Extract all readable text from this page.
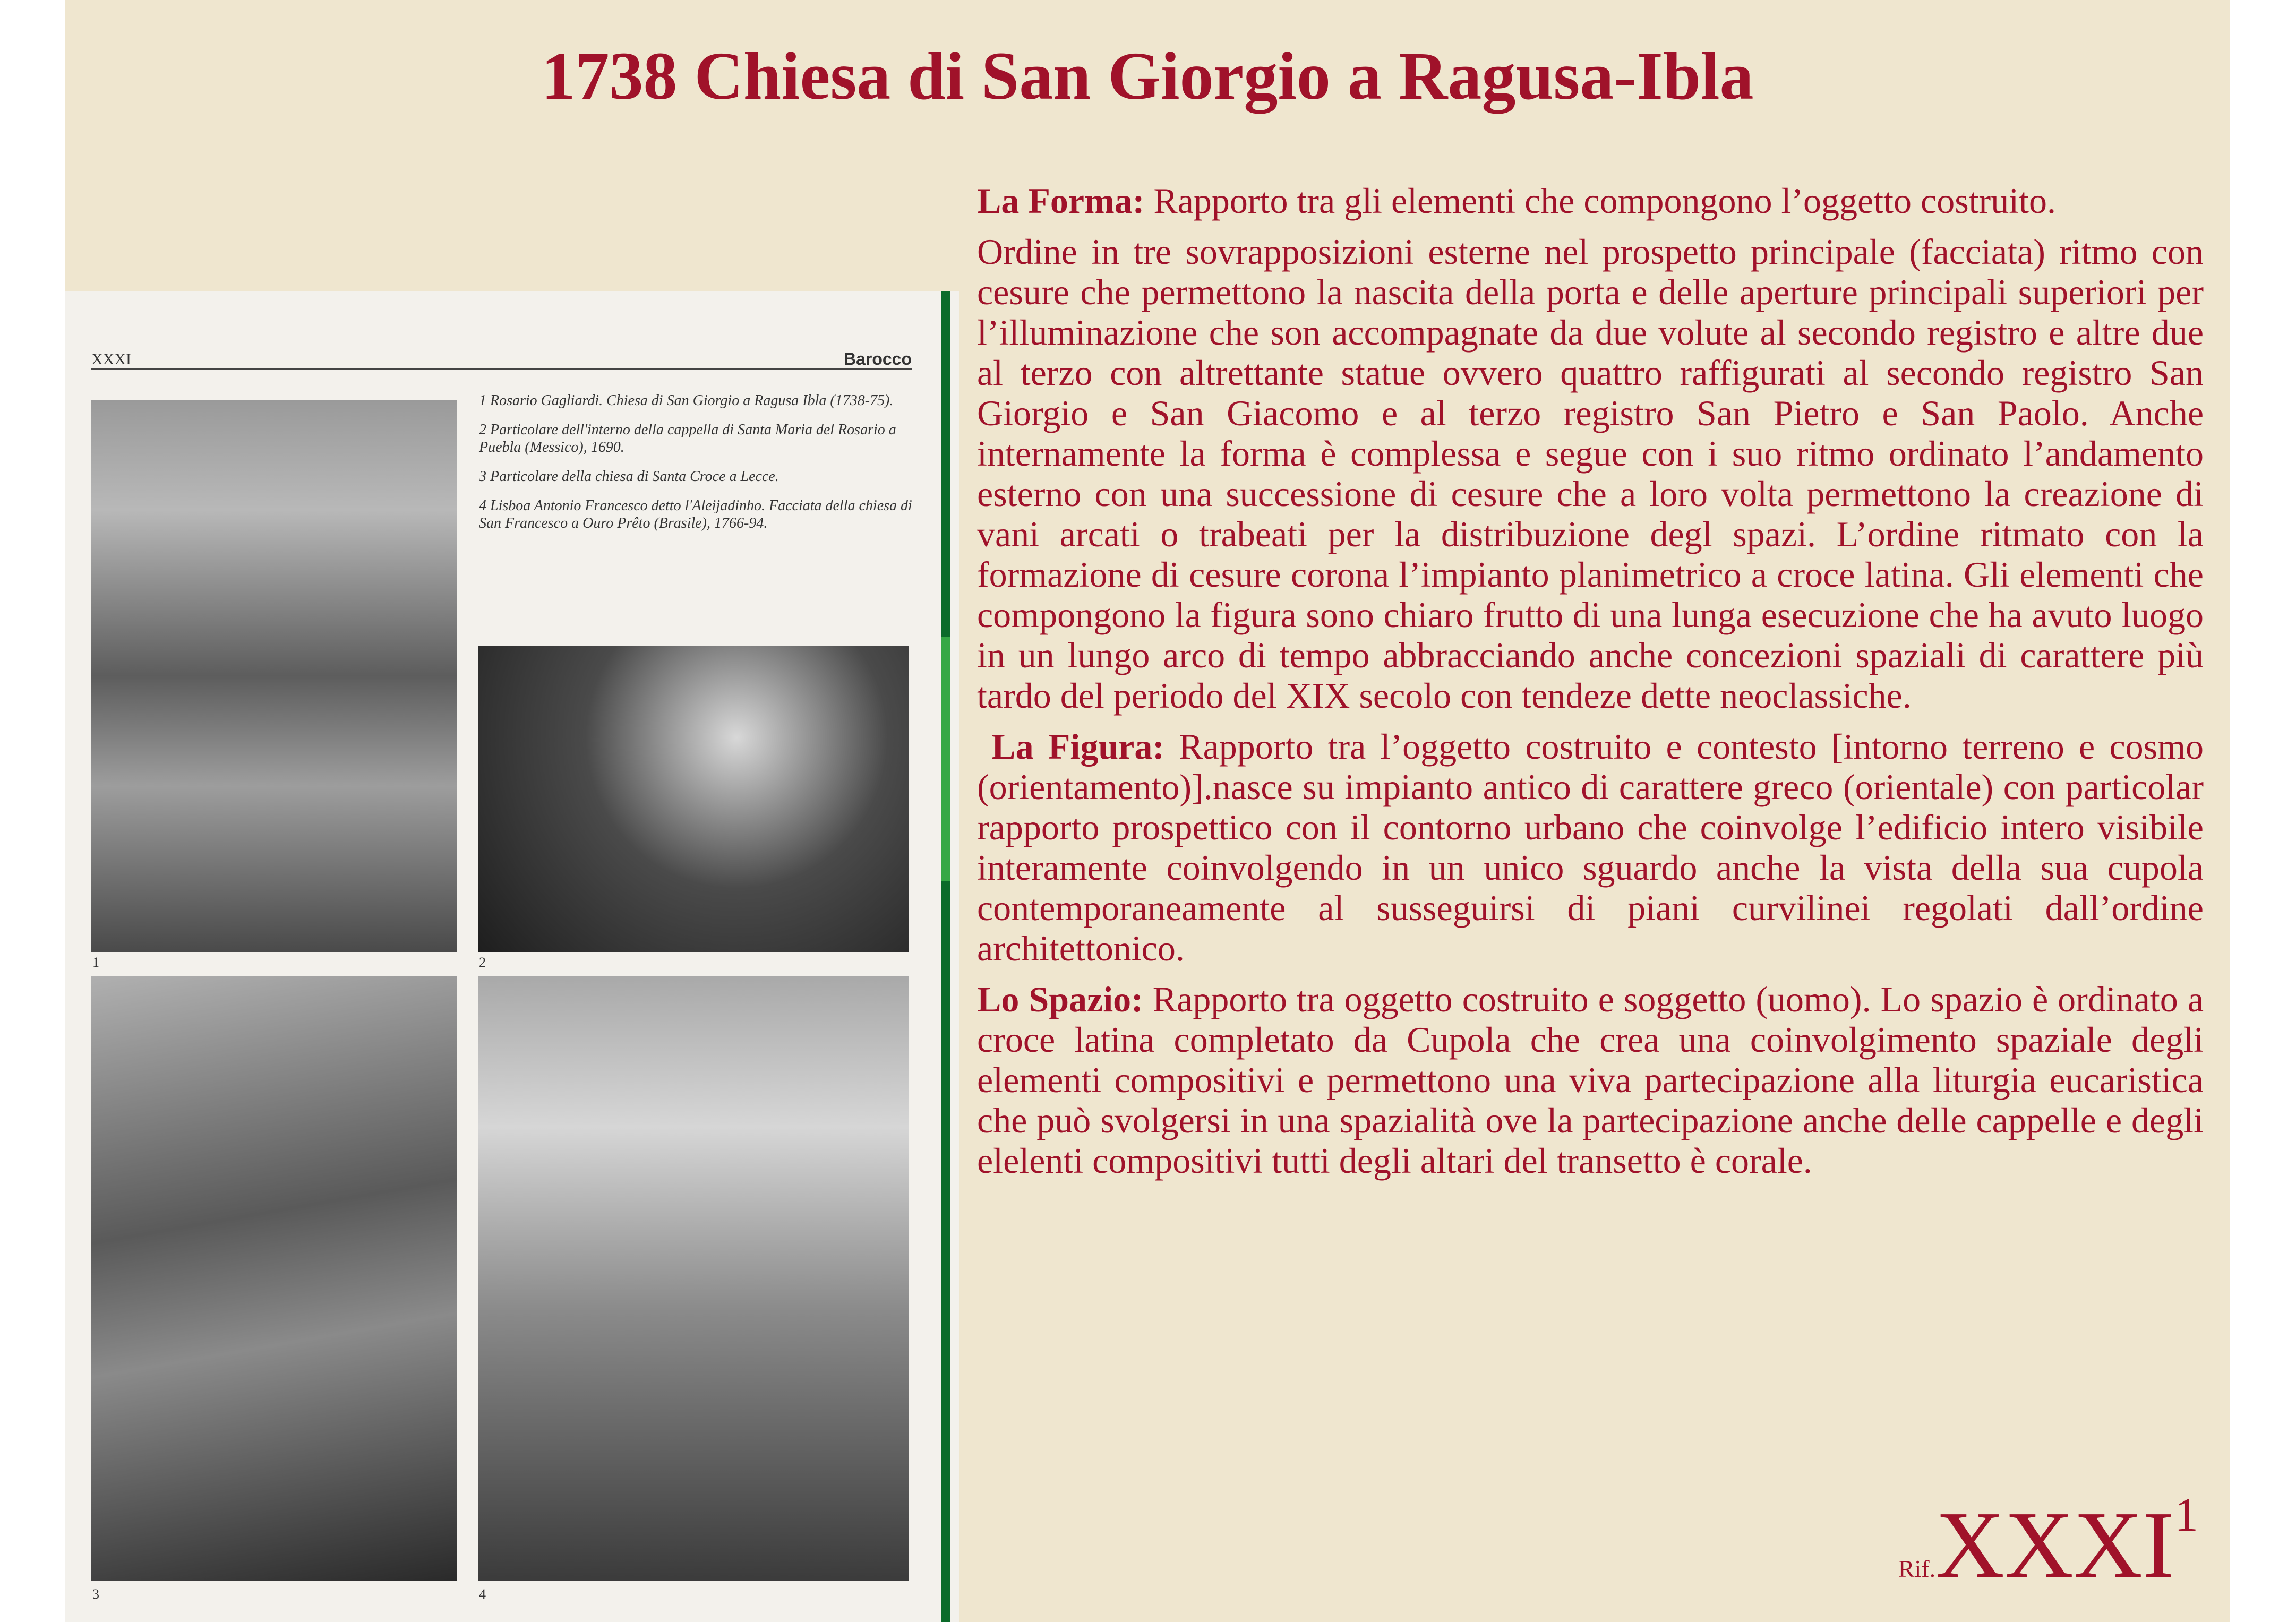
1738 Chiesa di San Giorgio a Ragusa-Ibla
XXXI	Barocco
1	2
3	4

1 Rosario Gagliardi. Chiesa di San Giorgio a Ragusa Ibla (1738-75).

2 Particolare dell'interno della cappella di Santa Maria del Rosario a Puebla (Messico), 1690.

3 Particolare della chiesa di Santa Croce a Lecce.

4 Lisboa Antonio Francesco detto l'Aleijadinho. Facciata della chiesa di San Francesco a Ouro Prêto (Brasile), 1766-94.

La Forma: Rapporto tra gli elementi che compongono l’oggetto costruito.

Ordine in tre sovrapposizioni esterne nel prospetto principale (facciata) ritmo con cesure che permettono la nascita della porta e delle aperture principali superiori per l’illuminazione che son accompagnate da due volute al secondo registro e altre due al terzo con altrettante statue ovvero quattro raffigurati al secondo registro San Giorgio e San Giacomo e al terzo registro San Pietro e San Paolo. Anche internamente la forma è complessa e segue con i suo ritmo ordinato l’andamento esterno con una successione di cesure che a loro volta permettono la creazione di vani arcati o trabeati per la distribuzione degl spazi. L’ordine ritmato con la formazione di cesure corona l’impianto planimetrico a croce latina. Gli elementi che compongono la figura sono chiaro frutto di una lunga esecuzione che ha avuto luogo in un lungo arco di tempo abbracciando anche concezioni spaziali di carattere più tardo del periodo del XIX secolo con tendeze dette neoclassiche.

La Figura: Rapporto tra l’oggetto costruito e contesto [intorno terreno e cosmo (orientamento)].nasce su impianto antico di carattere greco (orientale) con particolar rapporto prospettico con il contorno urbano che coinvolge l’edificio intero visibile interamente coinvolgendo in un unico sguardo anche la vista della sua cupola contemporaneamente al susseguirsi di piani curvilinei regolati dall’ordine architettonico.

Lo Spazio: Rapporto tra oggetto costruito e soggetto (uomo). Lo spazio è ordinato a croce latina completato da Cupola che crea una coinvolgimento spaziale degli elementi compositivi e permettono una viva partecipazione alla liturgia eucaristica che può svolgersi in una spazialità ove la partecipazione anche delle cappelle e degli elelenti compositivi tutti degli altari del transetto è corale.

Rif.XXXI$^1$
